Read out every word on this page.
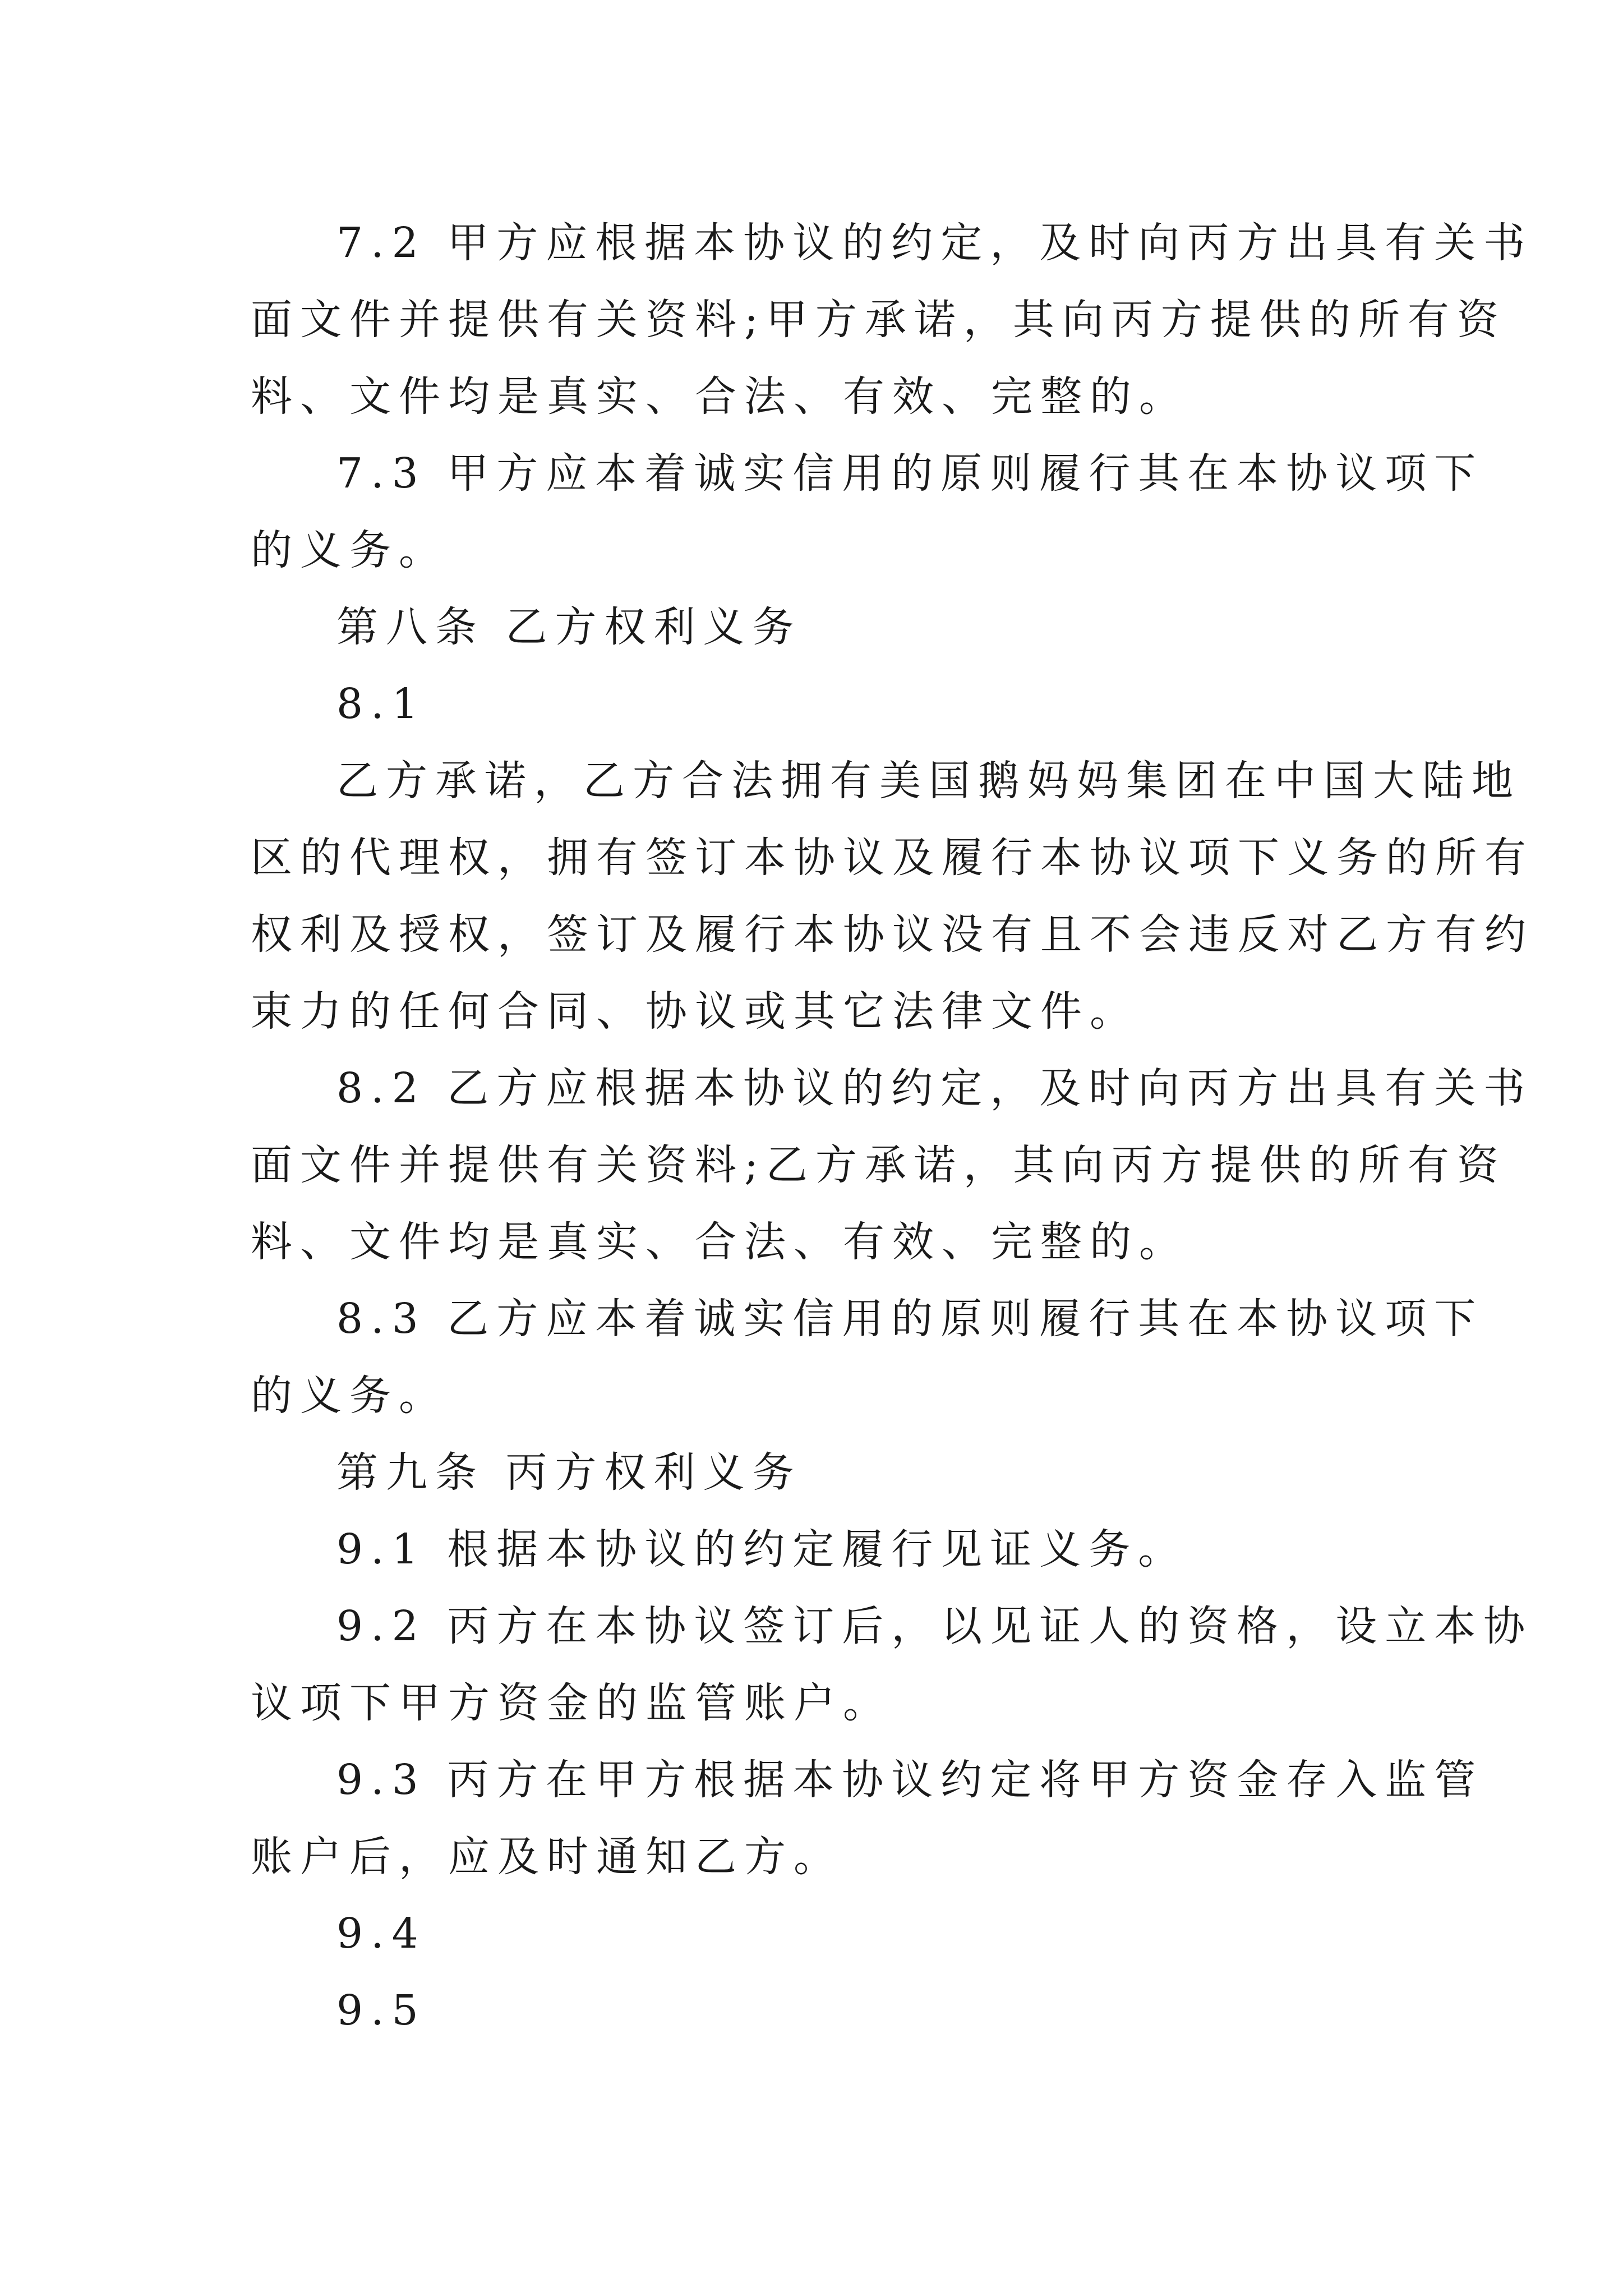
7.2 甲方应根据本协议的约定，及时向丙方出具有关书
面文件并提供有关资料;甲方承诺，其向丙方提供的所有资
料、文件均是真实、合法、有效、完整的。
7.3 甲方应本着诚实信用的原则履行其在本协议项下
的义务。
第八条 乙方权利义务
8.1
乙方承诺，乙方合法拥有美国鹅妈妈集团在中国大陆地
区的代理权，拥有签订本协议及履行本协议项下义务的所有
权利及授权，签订及履行本协议没有且不会违反对乙方有约
束力的任何合同、协议或其它法律文件。
8.2 乙方应根据本协议的约定，及时向丙方出具有关书
面文件并提供有关资料;乙方承诺，其向丙方提供的所有资
料、文件均是真实、合法、有效、完整的。
8.3 乙方应本着诚实信用的原则履行其在本协议项下
的义务。
第九条 丙方权利义务
9.1 根据本协议的约定履行见证义务。
9.2 丙方在本协议签订后，以见证人的资格，设立本协
议项下甲方资金的监管账户。
9.3 丙方在甲方根据本协议约定将甲方资金存入监管
账户后，应及时通知乙方。
9.4
9.5
